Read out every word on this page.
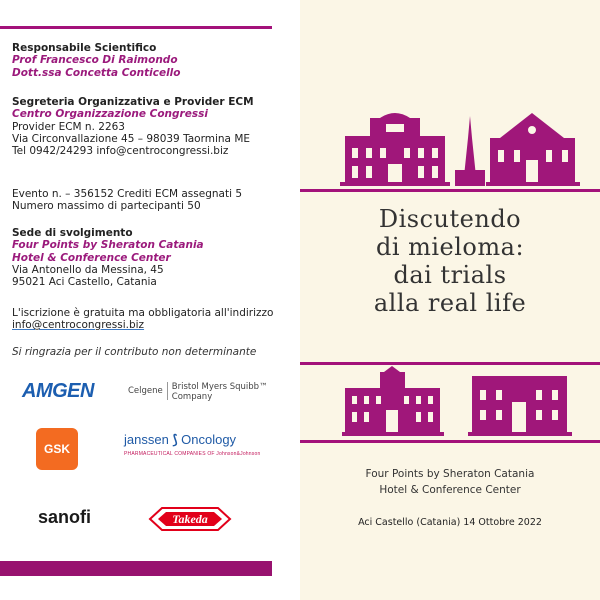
Responsabile Scientifico
Prof Francesco Di Raimondo
Dott.ssa Concetta Conticello
Segreteria Organizzativa e Provider ECM
Centro Organizzazione Congressi
Provider ECM n. 2263
Via Circonvallazione 45 – 98039 Taormina ME
Tel 0942/24293 info@centrocongressi.biz
Evento n. – 356152 Crediti ECM assegnati 5
Numero massimo di partecipanti 50
Sede di svolgimento
Four Points by Sheraton Catania
Hotel & Conference Center
Via Antonello da Messina, 45
95021 Aci Castello, Catania
L'iscrizione è gratuita ma obbligatoria all'indirizzo
info@centrocongressi.biz
Si ringrazia per il contributo non determinante
AMGEN	Celgene Bristol Myers Squibb™
Company
GSK
janssen ⟆ Oncology
PHARMACEUTICAL COMPANIES OF Johnson&Johnson
sanofi	Takeda
Discutendo
di mieloma:
dai trials
alla real life
Four Points by Sheraton Catania
Hotel & Conference Center
Aci Castello (Catania) 14 Ottobre 2022
